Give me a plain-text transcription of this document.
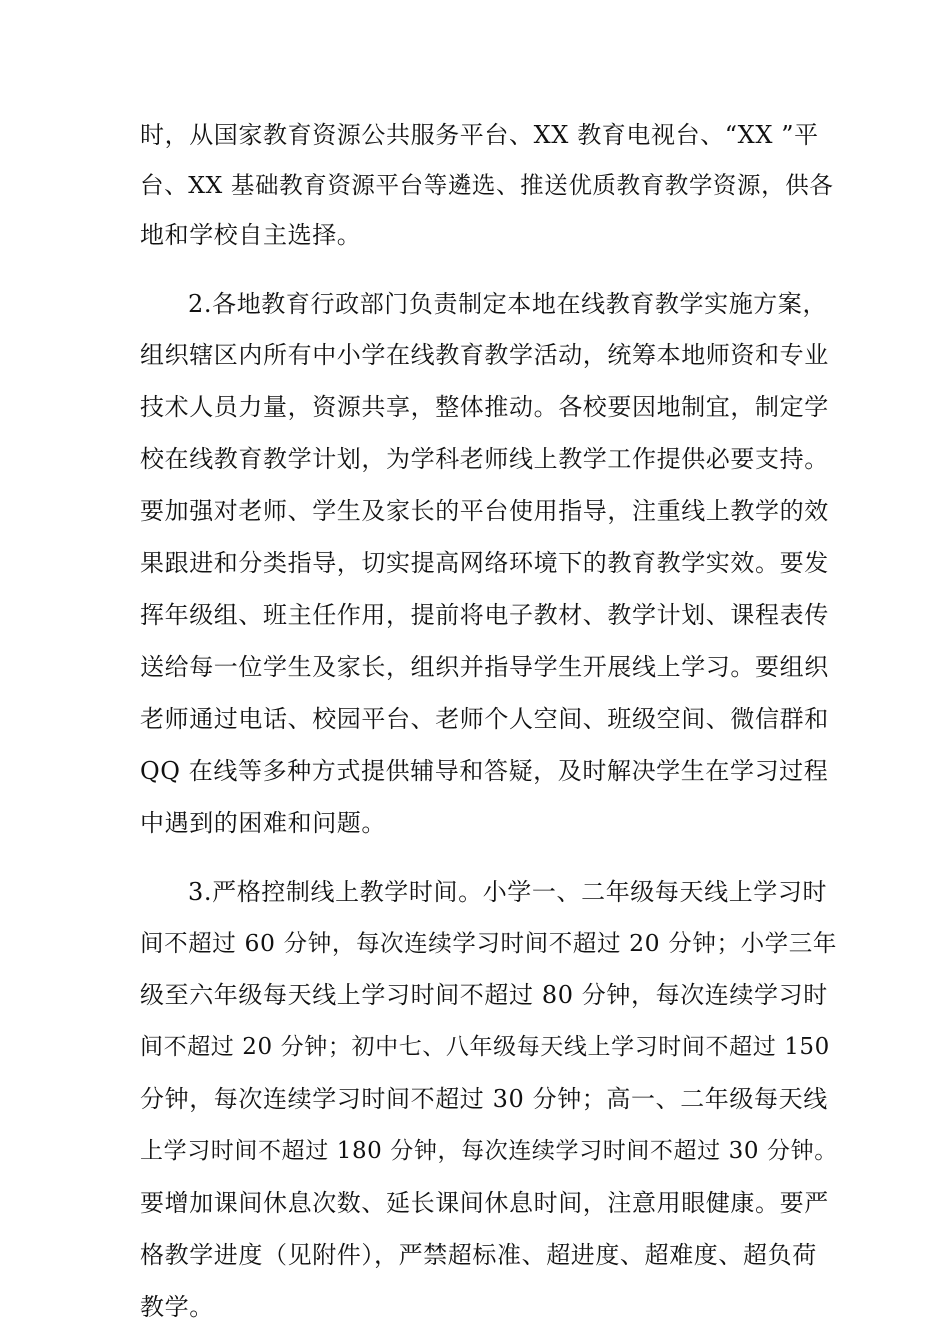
时，从国家教育资源公共服务平台、XX 教育电视台、“XX ”平
台、XX 基础教育资源平台等遴选、推送优质教育教学资源，供各
地和学校自主选择。
2.各地教育行政部门负责制定本地在线教育教学实施方案，
组织辖区内所有中小学在线教育教学活动，统筹本地师资和专业
技术人员力量，资源共享，整体推动。各校要因地制宜，制定学
校在线教育教学计划，为学科老师线上教学工作提供必要支持。
要加强对老师、学生及家长的平台使用指导，注重线上教学的效
果跟进和分类指导，切实提高网络环境下的教育教学实效。要发
挥年级组、班主任作用，提前将电子教材、教学计划、课程表传
送给每一位学生及家长，组织并指导学生开展线上学习。要组织
老师通过电话、校园平台、老师个人空间、班级空间、微信群和
QQ 在线等多种方式提供辅导和答疑，及时解决学生在学习过程
中遇到的困难和问题。
3.严格控制线上教学时间。小学一、二年级每天线上学习时
间不超过 60 分钟，每次连续学习时间不超过 20 分钟；小学三年
级至六年级每天线上学习时间不超过 80 分钟，每次连续学习时
间不超过 20 分钟；初中七、八年级每天线上学习时间不超过 150
分钟，每次连续学习时间不超过 30 分钟；高一、二年级每天线
上学习时间不超过 180 分钟，每次连续学习时间不超过 30 分钟。
要增加课间休息次数、延长课间休息时间，注意用眼健康。要严
格教学进度（见附件），严禁超标准、超进度、超难度、超负荷
教学。
